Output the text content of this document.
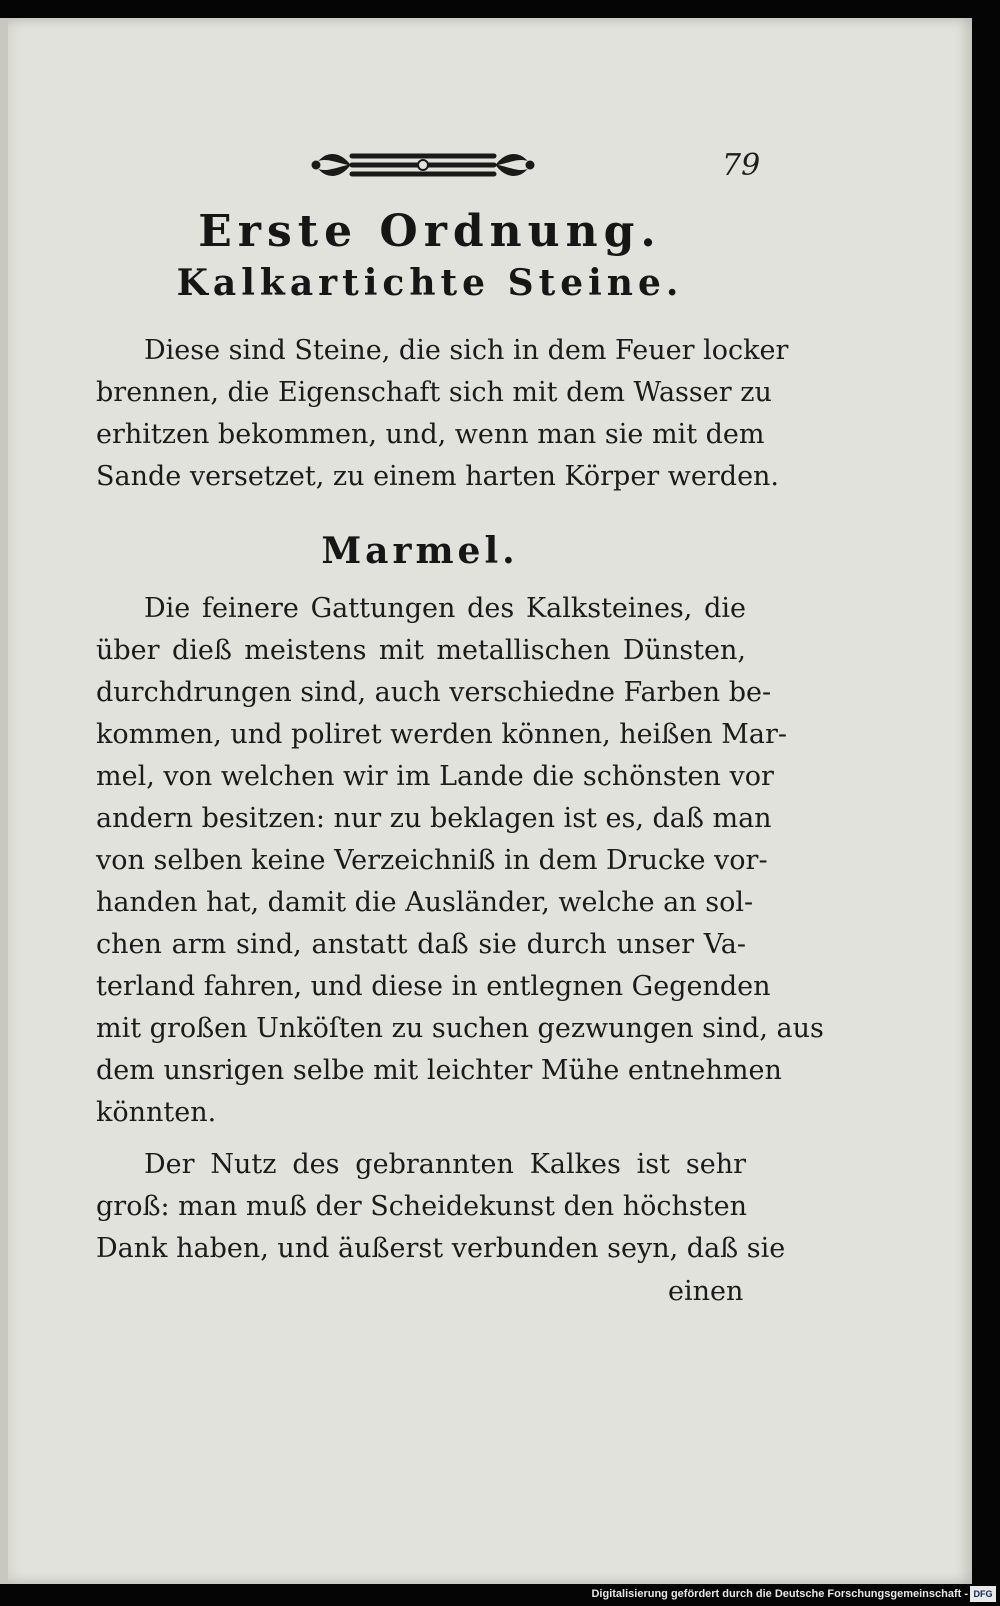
79
Erste Ordnung.
Kalkartichte Steine.
Diese sind Steine, die sich in dem Feuer locker
brennen, die Eigenschaft sich mit dem Wasser zu
erhitzen bekommen, und, wenn man sie mit dem
Sande versetzet, zu einem harten Körper werden.
Marmel.
Die feinere Gattungen des Kalksteines, die
über dieß meistens mit metallischen Dünsten,
durchdrungen sind, auch verschiedne Farben be-
kommen, und poliret werden können, heißen Mar-
mel, von welchen wir im Lande die schönsten vor
andern besitzen: nur zu beklagen ist es, daß man
von selben keine Verzeichniß in dem Drucke vor-
handen hat, damit die Ausländer, welche an sol-
chen arm sind, anstatt daß sie durch unser Va-
terland fahren, und diese in entlegnen Gegenden
mit großen Unköſten zu suchen gezwungen sind, aus
dem unsrigen selbe mit leichter Mühe entnehmen
könnten.
Der Nutz des gebrannten Kalkes ist sehr
groß: man muß der Scheidekunst den höchsten
Dank haben, und äußerst verbunden seyn, daß sie
einen
Digitalisierung gefördert durch die Deutsche Forschungsgemeinschaft - DFG
